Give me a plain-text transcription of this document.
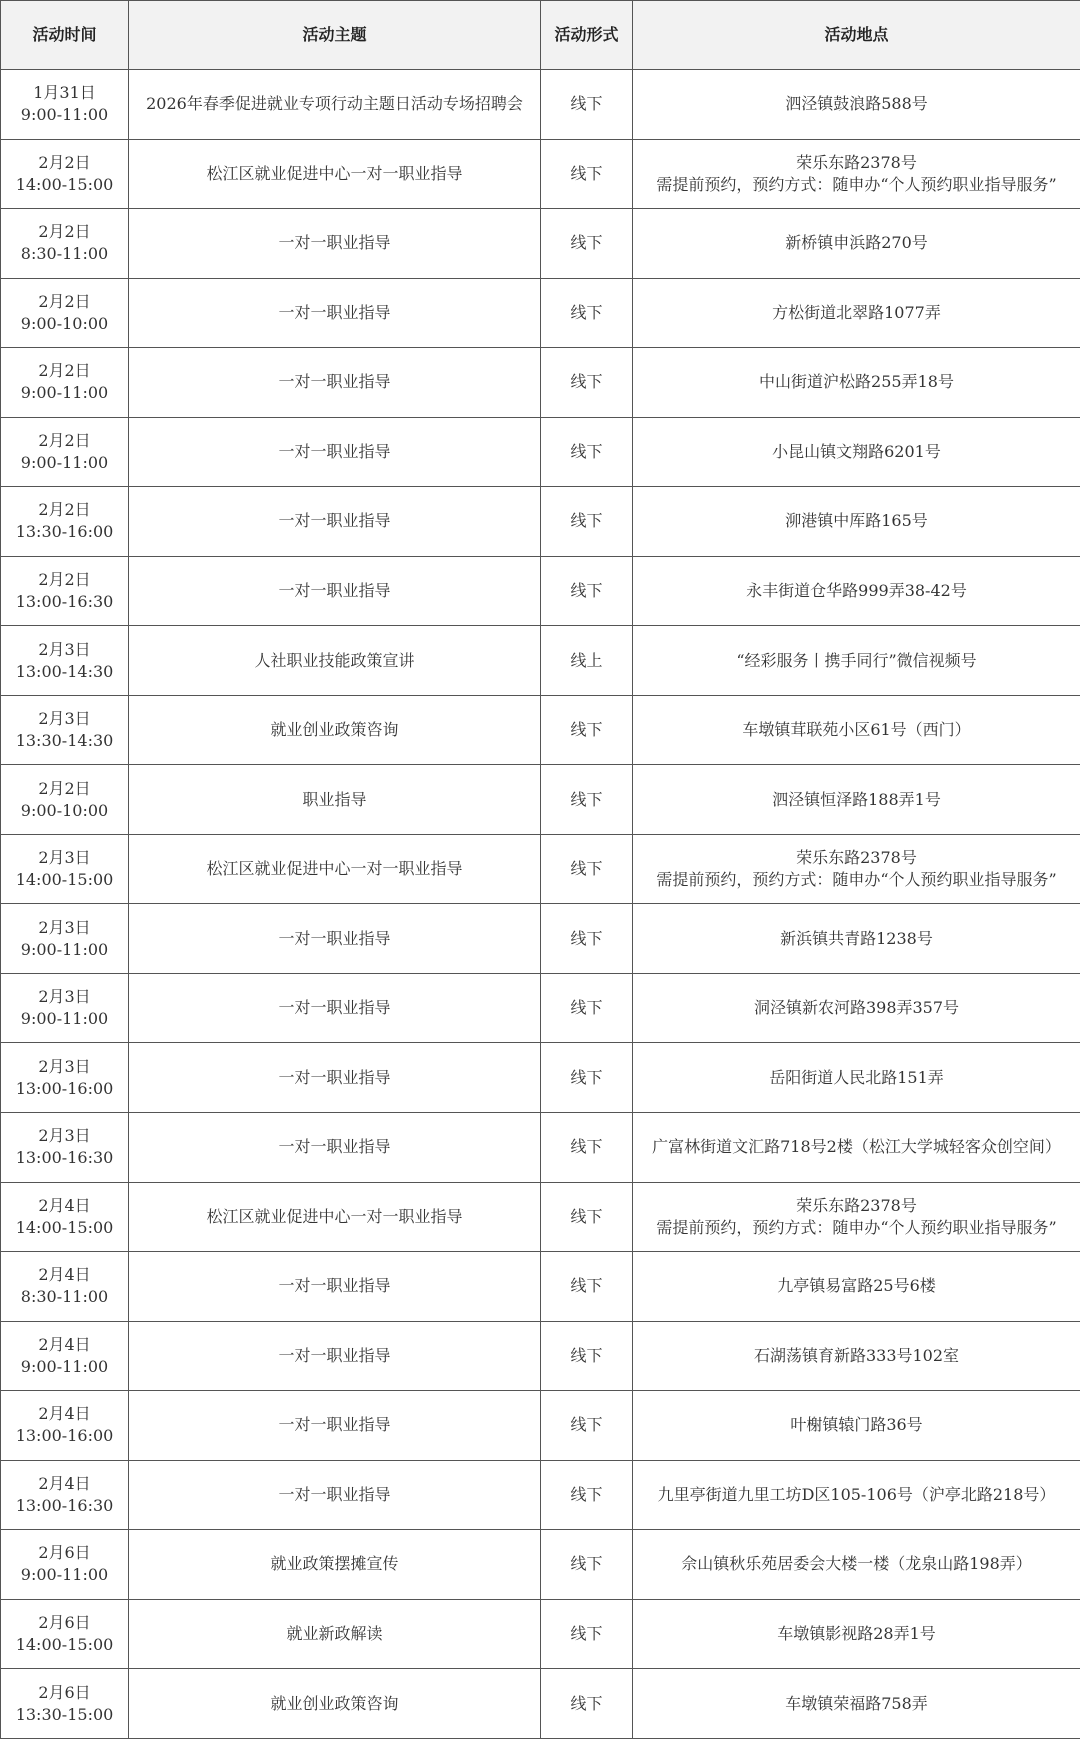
活动时间	活动主题	活动形式	活动地点

1月31日
9:00-11:00	2026年春季促进就业专项行动主题日活动专场招聘会	线下	泗泾镇鼓浪路588号

2月2日
14:00-15:00	松江区就业促进中心一对一职业指导	线下	荣乐东路2378号
需提前预约，预约方式：随申办“个人预约职业指导服务”

2月2日
8:30-11:00	一对一职业指导	线下	新桥镇申浜路270号

2月2日
9:00-10:00	一对一职业指导	线下	方松街道北翠路1077弄

2月2日
9:00-11:00	一对一职业指导	线下	中山街道沪松路255弄18号

2月2日
9:00-11:00	一对一职业指导	线下	小昆山镇文翔路6201号

2月2日
13:30-16:00	一对一职业指导	线下	泖港镇中厍路165号

2月2日
13:00-16:30	一对一职业指导	线下	永丰街道仓华路999弄38-42号

2月3日
13:00-14:30	人社职业技能政策宣讲	线上	“经彩服务丨携手同行”微信视频号

2月3日
13:30-14:30	就业创业政策咨询	线下	车墩镇茸联苑小区61号（西门）

2月2日
9:00-10:00	职业指导	线下	泗泾镇恒泽路188弄1号

2月3日
14:00-15:00	松江区就业促进中心一对一职业指导	线下	荣乐东路2378号
需提前预约，预约方式：随申办“个人预约职业指导服务”

2月3日
9:00-11:00	一对一职业指导	线下	新浜镇共青路1238号

2月3日
9:00-11:00	一对一职业指导	线下	洞泾镇新农河路398弄357号

2月3日
13:00-16:00	一对一职业指导	线下	岳阳街道人民北路151弄

2月3日
13:00-16:30	一对一职业指导	线下	广富林街道文汇路718号2楼（松江大学城轻客众创空间）

2月4日
14:00-15:00	松江区就业促进中心一对一职业指导	线下	荣乐东路2378号
需提前预约，预约方式：随申办“个人预约职业指导服务”

2月4日
8:30-11:00	一对一职业指导	线下	九亭镇易富路25号6楼

2月4日
9:00-11:00	一对一职业指导	线下	石湖荡镇育新路333号102室

2月4日
13:00-16:00	一对一职业指导	线下	叶榭镇辕门路36号

2月4日
13:00-16:30	一对一职业指导	线下	九里亭街道九里工坊D区105-106号（沪亭北路218号）

2月6日
9:00-11:00	就业政策摆摊宣传	线下	佘山镇秋乐苑居委会大楼一楼（龙泉山路198弄）

2月6日
14:00-15:00	就业新政解读	线下	车墩镇影视路28弄1号

2月6日
13:30-15:00	就业创业政策咨询	线下	车墩镇荣福路758弄
